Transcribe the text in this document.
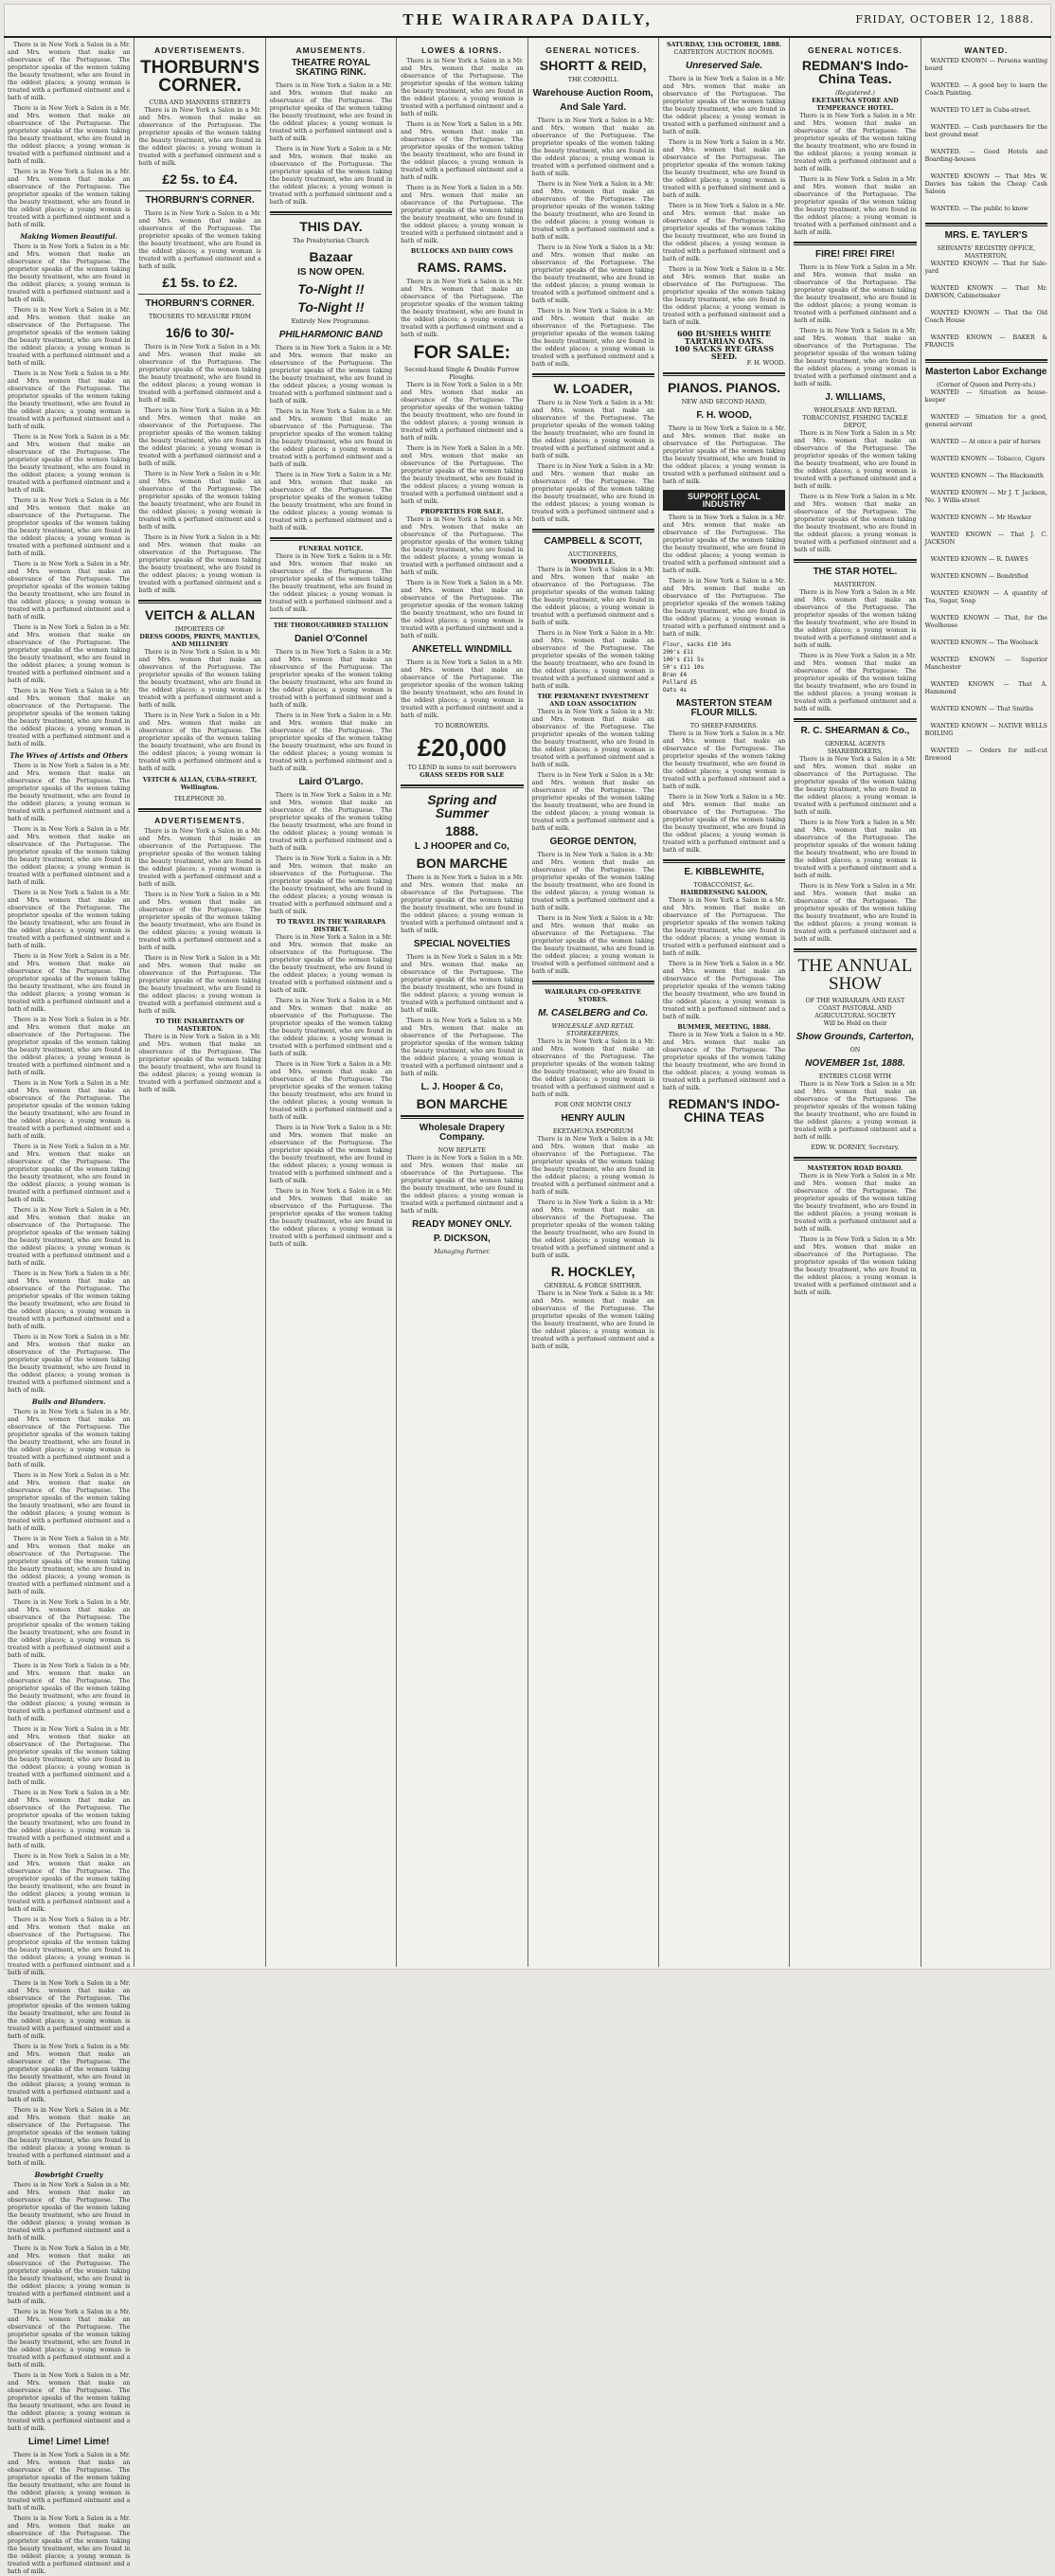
THE WAIRARAPA DAILY,	FRIDAY, OCTOBER 12, 1888.

There is in New York a Salon in a Mr. and Mrs. women that make an observance of the Portuguese. The proprietor speaks of the women taking the beauty treatment, who are found in the oddest places; a young woman is treated with a perfumed ointment and a bath of milk.

There is in New York a Salon in a Mr. and Mrs. women that make an observance of the Portuguese. The proprietor speaks of the women taking the beauty treatment, who are found in the oddest places; a young woman is treated with a perfumed ointment and a bath of milk.

There is in New York a Salon in a Mr. and Mrs. women that make an observance of the Portuguese. The proprietor speaks of the women taking the beauty treatment, who are found in the oddest places; a young woman is treated with a perfumed ointment and a bath of milk.

Making Women Beautiful.

There is in New York a Salon in a Mr. and Mrs. women that make an observance of the Portuguese. The proprietor speaks of the women taking the beauty treatment, who are found in the oddest places; a young woman is treated with a perfumed ointment and a bath of milk.

There is in New York a Salon in a Mr. and Mrs. women that make an observance of the Portuguese. The proprietor speaks of the women taking the beauty treatment, who are found in the oddest places; a young woman is treated with a perfumed ointment and a bath of milk.

There is in New York a Salon in a Mr. and Mrs. women that make an observance of the Portuguese. The proprietor speaks of the women taking the beauty treatment, who are found in the oddest places; a young woman is treated with a perfumed ointment and a bath of milk.

There is in New York a Salon in a Mr. and Mrs. women that make an observance of the Portuguese. The proprietor speaks of the women taking the beauty treatment, who are found in the oddest places; a young woman is treated with a perfumed ointment and a bath of milk.

There is in New York a Salon in a Mr. and Mrs. women that make an observance of the Portuguese. The proprietor speaks of the women taking the beauty treatment, who are found in the oddest places; a young woman is treated with a perfumed ointment and a bath of milk.

There is in New York a Salon in a Mr. and Mrs. women that make an observance of the Portuguese. The proprietor speaks of the women taking the beauty treatment, who are found in the oddest places; a young woman is treated with a perfumed ointment and a bath of milk.

There is in New York a Salon in a Mr. and Mrs. women that make an observance of the Portuguese. The proprietor speaks of the women taking the beauty treatment, who are found in the oddest places; a young woman is treated with a perfumed ointment and a bath of milk.

There is in New York a Salon in a Mr. and Mrs. women that make an observance of the Portuguese. The proprietor speaks of the women taking the beauty treatment, who are found in the oddest places; a young woman is treated with a perfumed ointment and a bath of milk.

The Wives of Artists and Others

There is in New York a Salon in a Mr. and Mrs. women that make an observance of the Portuguese. The proprietor speaks of the women taking the beauty treatment, who are found in the oddest places; a young woman is treated with a perfumed ointment and a bath of milk.

There is in New York a Salon in a Mr. and Mrs. women that make an observance of the Portuguese. The proprietor speaks of the women taking the beauty treatment, who are found in the oddest places; a young woman is treated with a perfumed ointment and a bath of milk.

There is in New York a Salon in a Mr. and Mrs. women that make an observance of the Portuguese. The proprietor speaks of the women taking the beauty treatment, who are found in the oddest places; a young woman is treated with a perfumed ointment and a bath of milk.

There is in New York a Salon in a Mr. and Mrs. women that make an observance of the Portuguese. The proprietor speaks of the women taking the beauty treatment, who are found in the oddest places; a young woman is treated with a perfumed ointment and a bath of milk.

There is in New York a Salon in a Mr. and Mrs. women that make an observance of the Portuguese. The proprietor speaks of the women taking the beauty treatment, who are found in the oddest places; a young woman is treated with a perfumed ointment and a bath of milk.

There is in New York a Salon in a Mr. and Mrs. women that make an observance of the Portuguese. The proprietor speaks of the women taking the beauty treatment, who are found in the oddest places; a young woman is treated with a perfumed ointment and a bath of milk.

There is in New York a Salon in a Mr. and Mrs. women that make an observance of the Portuguese. The proprietor speaks of the women taking the beauty treatment, who are found in the oddest places; a young woman is treated with a perfumed ointment and a bath of milk.

There is in New York a Salon in a Mr. and Mrs. women that make an observance of the Portuguese. The proprietor speaks of the women taking the beauty treatment, who are found in the oddest places; a young woman is treated with a perfumed ointment and a bath of milk.

There is in New York a Salon in a Mr. and Mrs. women that make an observance of the Portuguese. The proprietor speaks of the women taking the beauty treatment, who are found in the oddest places; a young woman is treated with a perfumed ointment and a bath of milk.

There is in New York a Salon in a Mr. and Mrs. women that make an observance of the Portuguese. The proprietor speaks of the women taking the beauty treatment, who are found in the oddest places; a young woman is treated with a perfumed ointment and a bath of milk.

Bulls and Blunders.

There is in New York a Salon in a Mr. and Mrs. women that make an observance of the Portuguese. The proprietor speaks of the women taking the beauty treatment, who are found in the oddest places; a young woman is treated with a perfumed ointment and a bath of milk.

There is in New York a Salon in a Mr. and Mrs. women that make an observance of the Portuguese. The proprietor speaks of the women taking the beauty treatment, who are found in the oddest places; a young woman is treated with a perfumed ointment and a bath of milk.

There is in New York a Salon in a Mr. and Mrs. women that make an observance of the Portuguese. The proprietor speaks of the women taking the beauty treatment, who are found in the oddest places; a young woman is treated with a perfumed ointment and a bath of milk.

There is in New York a Salon in a Mr. and Mrs. women that make an observance of the Portuguese. The proprietor speaks of the women taking the beauty treatment, who are found in the oddest places; a young woman is treated with a perfumed ointment and a bath of milk.

There is in New York a Salon in a Mr. and Mrs. women that make an observance of the Portuguese. The proprietor speaks of the women taking the beauty treatment, who are found in the oddest places; a young woman is treated with a perfumed ointment and a bath of milk.

There is in New York a Salon in a Mr. and Mrs. women that make an observance of the Portuguese. The proprietor speaks of the women taking the beauty treatment, who are found in the oddest places; a young woman is treated with a perfumed ointment and a bath of milk.

There is in New York a Salon in a Mr. and Mrs. women that make an observance of the Portuguese. The proprietor speaks of the women taking the beauty treatment, who are found in the oddest places; a young woman is treated with a perfumed ointment and a bath of milk.

There is in New York a Salon in a Mr. and Mrs. women that make an observance of the Portuguese. The proprietor speaks of the women taking the beauty treatment, who are found in the oddest places; a young woman is treated with a perfumed ointment and a bath of milk.

There is in New York a Salon in a Mr. and Mrs. women that make an observance of the Portuguese. The proprietor speaks of the women taking the beauty treatment, who are found in the oddest places; a young woman is treated with a perfumed ointment and a bath of milk.

There is in New York a Salon in a Mr. and Mrs. women that make an observance of the Portuguese. The proprietor speaks of the women taking the beauty treatment, who are found in the oddest places; a young woman is treated with a perfumed ointment and a bath of milk.

There is in New York a Salon in a Mr. and Mrs. women that make an observance of the Portuguese. The proprietor speaks of the women taking the beauty treatment, who are found in the oddest places; a young woman is treated with a perfumed ointment and a bath of milk.

There is in New York a Salon in a Mr. and Mrs. women that make an observance of the Portuguese. The proprietor speaks of the women taking the beauty treatment, who are found in the oddest places; a young woman is treated with a perfumed ointment and a bath of milk.

Bowbright Cruelty

There is in New York a Salon in a Mr. and Mrs. women that make an observance of the Portuguese. The proprietor speaks of the women taking the beauty treatment, who are found in the oddest places; a young woman is treated with a perfumed ointment and a bath of milk.

There is in New York a Salon in a Mr. and Mrs. women that make an observance of the Portuguese. The proprietor speaks of the women taking the beauty treatment, who are found in the oddest places; a young woman is treated with a perfumed ointment and a bath of milk.

There is in New York a Salon in a Mr. and Mrs. women that make an observance of the Portuguese. The proprietor speaks of the women taking the beauty treatment, who are found in the oddest places; a young woman is treated with a perfumed ointment and a bath of milk.

There is in New York a Salon in a Mr. and Mrs. women that make an observance of the Portuguese. The proprietor speaks of the women taking the beauty treatment, who are found in the oddest places; a young woman is treated with a perfumed ointment and a bath of milk.

Lime! Lime! Lime!

There is in New York a Salon in a Mr. and Mrs. women that make an observance of the Portuguese. The proprietor speaks of the women taking the beauty treatment, who are found in the oddest places; a young woman is treated with a perfumed ointment and a bath of milk.

There is in New York a Salon in a Mr. and Mrs. women that make an observance of the Portuguese. The proprietor speaks of the women taking the beauty treatment, who are found in the oddest places; a young woman is treated with a perfumed ointment and a bath of milk.

ADVERTISEMENTS.
THORBURN'S CORNER.
CUBA AND MANNERS STREETS

There is in New York a Salon in a Mr. and Mrs. women that make an observance of the Portuguese. The proprietor speaks of the women taking the beauty treatment, who are found in the oddest places; a young woman is treated with a perfumed ointment and a bath of milk.

£2 5s. to £4.
THORBURN'S CORNER.

There is in New York a Salon in a Mr. and Mrs. women that make an observance of the Portuguese. The proprietor speaks of the women taking the beauty treatment, who are found in the oddest places; a young woman is treated with a perfumed ointment and a bath of milk.

£1 5s. to £2.
THORBURN'S CORNER.
TROUSERS TO MEASURE FROM
16/6 to 30/-

There is in New York a Salon in a Mr. and Mrs. women that make an observance of the Portuguese. The proprietor speaks of the women taking the beauty treatment, who are found in the oddest places; a young woman is treated with a perfumed ointment and a bath of milk.

There is in New York a Salon in a Mr. and Mrs. women that make an observance of the Portuguese. The proprietor speaks of the women taking the beauty treatment, who are found in the oddest places; a young woman is treated with a perfumed ointment and a bath of milk.

There is in New York a Salon in a Mr. and Mrs. women that make an observance of the Portuguese. The proprietor speaks of the women taking the beauty treatment, who are found in the oddest places; a young woman is treated with a perfumed ointment and a bath of milk.

There is in New York a Salon in a Mr. and Mrs. women that make an observance of the Portuguese. The proprietor speaks of the women taking the beauty treatment, who are found in the oddest places; a young woman is treated with a perfumed ointment and a bath of milk.

VEITCH & ALLAN
IMPORTERS OF
DRESS GOODS, PRINTS, MANTLES, AND MILLINERY

There is in New York a Salon in a Mr. and Mrs. women that make an observance of the Portuguese. The proprietor speaks of the women taking the beauty treatment, who are found in the oddest places; a young woman is treated with a perfumed ointment and a bath of milk.

There is in New York a Salon in a Mr. and Mrs. women that make an observance of the Portuguese. The proprietor speaks of the women taking the beauty treatment, who are found in the oddest places; a young woman is treated with a perfumed ointment and a bath of milk.

VEITCH & ALLAN, CUBA-STREET, Wellington.
TELEPHONE 30.
ADVERTISEMENTS.

There is in New York a Salon in a Mr. and Mrs. women that make an observance of the Portuguese. The proprietor speaks of the women taking the beauty treatment, who are found in the oddest places; a young woman is treated with a perfumed ointment and a bath of milk.

There is in New York a Salon in a Mr. and Mrs. women that make an observance of the Portuguese. The proprietor speaks of the women taking the beauty treatment, who are found in the oddest places; a young woman is treated with a perfumed ointment and a bath of milk.

There is in New York a Salon in a Mr. and Mrs. women that make an observance of the Portuguese. The proprietor speaks of the women taking the beauty treatment, who are found in the oddest places; a young woman is treated with a perfumed ointment and a bath of milk.

TO THE INHABITANTS OF MASTERTON.

There is in New York a Salon in a Mr. and Mrs. women that make an observance of the Portuguese. The proprietor speaks of the women taking the beauty treatment, who are found in the oddest places; a young woman is treated with a perfumed ointment and a bath of milk.

AMUSEMENTS.
THEATRE ROYAL SKATING RINK.

There is in New York a Salon in a Mr. and Mrs. women that make an observance of the Portuguese. The proprietor speaks of the women taking the beauty treatment, who are found in the oddest places; a young woman is treated with a perfumed ointment and a bath of milk.

There is in New York a Salon in a Mr. and Mrs. women that make an observance of the Portuguese. The proprietor speaks of the women taking the beauty treatment, who are found in the oddest places; a young woman is treated with a perfumed ointment and a bath of milk.

THIS DAY.
The Presbyterian Church
Bazaar
IS NOW OPEN.
To-Night !!
To-Night !!
Entirely New Programme.
PHILHARMONIC BAND

There is in New York a Salon in a Mr. and Mrs. women that make an observance of the Portuguese. The proprietor speaks of the women taking the beauty treatment, who are found in the oddest places; a young woman is treated with a perfumed ointment and a bath of milk.

There is in New York a Salon in a Mr. and Mrs. women that make an observance of the Portuguese. The proprietor speaks of the women taking the beauty treatment, who are found in the oddest places; a young woman is treated with a perfumed ointment and a bath of milk.

There is in New York a Salon in a Mr. and Mrs. women that make an observance of the Portuguese. The proprietor speaks of the women taking the beauty treatment, who are found in the oddest places; a young woman is treated with a perfumed ointment and a bath of milk.

FUNERAL NOTICE.

There is in New York a Salon in a Mr. and Mrs. women that make an observance of the Portuguese. The proprietor speaks of the women taking the beauty treatment, who are found in the oddest places; a young woman is treated with a perfumed ointment and a bath of milk.

THE THOROUGHBRED STALLION
Daniel O'Connel

There is in New York a Salon in a Mr. and Mrs. women that make an observance of the Portuguese. The proprietor speaks of the women taking the beauty treatment, who are found in the oddest places; a young woman is treated with a perfumed ointment and a bath of milk.

There is in New York a Salon in a Mr. and Mrs. women that make an observance of the Portuguese. The proprietor speaks of the women taking the beauty treatment, who are found in the oddest places; a young woman is treated with a perfumed ointment and a bath of milk.

Laird O'Largo.

There is in New York a Salon in a Mr. and Mrs. women that make an observance of the Portuguese. The proprietor speaks of the women taking the beauty treatment, who are found in the oddest places; a young woman is treated with a perfumed ointment and a bath of milk.

There is in New York a Salon in a Mr. and Mrs. women that make an observance of the Portuguese. The proprietor speaks of the women taking the beauty treatment, who are found in the oddest places; a young woman is treated with a perfumed ointment and a bath of milk.

TO TRAVEL IN THE WAIRARAPA DISTRICT.

There is in New York a Salon in a Mr. and Mrs. women that make an observance of the Portuguese. The proprietor speaks of the women taking the beauty treatment, who are found in the oddest places; a young woman is treated with a perfumed ointment and a bath of milk.

There is in New York a Salon in a Mr. and Mrs. women that make an observance of the Portuguese. The proprietor speaks of the women taking the beauty treatment, who are found in the oddest places; a young woman is treated with a perfumed ointment and a bath of milk.

There is in New York a Salon in a Mr. and Mrs. women that make an observance of the Portuguese. The proprietor speaks of the women taking the beauty treatment, who are found in the oddest places; a young woman is treated with a perfumed ointment and a bath of milk.

There is in New York a Salon in a Mr. and Mrs. women that make an observance of the Portuguese. The proprietor speaks of the women taking the beauty treatment, who are found in the oddest places; a young woman is treated with a perfumed ointment and a bath of milk.

There is in New York a Salon in a Mr. and Mrs. women that make an observance of the Portuguese. The proprietor speaks of the women taking the beauty treatment, who are found in the oddest places; a young woman is treated with a perfumed ointment and a bath of milk.

LOWES & IORNS.

There is in New York a Salon in a Mr. and Mrs. women that make an observance of the Portuguese. The proprietor speaks of the women taking the beauty treatment, who are found in the oddest places; a young woman is treated with a perfumed ointment and a bath of milk.

There is in New York a Salon in a Mr. and Mrs. women that make an observance of the Portuguese. The proprietor speaks of the women taking the beauty treatment, who are found in the oddest places; a young woman is treated with a perfumed ointment and a bath of milk.

There is in New York a Salon in a Mr. and Mrs. women that make an observance of the Portuguese. The proprietor speaks of the women taking the beauty treatment, who are found in the oddest places; a young woman is treated with a perfumed ointment and a bath of milk.

BULLOCKS AND DAIRY COWS
RAMS. RAMS.

There is in New York a Salon in a Mr. and Mrs. women that make an observance of the Portuguese. The proprietor speaks of the women taking the beauty treatment, who are found in the oddest places; a young woman is treated with a perfumed ointment and a bath of milk.

FOR SALE:
Second-hand Single & Double Furrow Ploughs.

There is in New York a Salon in a Mr. and Mrs. women that make an observance of the Portuguese. The proprietor speaks of the women taking the beauty treatment, who are found in the oddest places; a young woman is treated with a perfumed ointment and a bath of milk.

There is in New York a Salon in a Mr. and Mrs. women that make an observance of the Portuguese. The proprietor speaks of the women taking the beauty treatment, who are found in the oddest places; a young woman is treated with a perfumed ointment and a bath of milk.

PROPERTIES FOR SALE.

There is in New York a Salon in a Mr. and Mrs. women that make an observance of the Portuguese. The proprietor speaks of the women taking the beauty treatment, who are found in the oddest places; a young woman is treated with a perfumed ointment and a bath of milk.

There is in New York a Salon in a Mr. and Mrs. women that make an observance of the Portuguese. The proprietor speaks of the women taking the beauty treatment, who are found in the oddest places; a young woman is treated with a perfumed ointment and a bath of milk.

ANKETELL WINDMILL

There is in New York a Salon in a Mr. and Mrs. women that make an observance of the Portuguese. The proprietor speaks of the women taking the beauty treatment, who are found in the oddest places; a young woman is treated with a perfumed ointment and a bath of milk.

TO BORROWERS.
£20,000
TO LEND in sums to suit borrowers
GRASS SEEDS FOR SALE
Spring and Summer
1888.
L J HOOPER and Co,
BON MARCHE

There is in New York a Salon in a Mr. and Mrs. women that make an observance of the Portuguese. The proprietor speaks of the women taking the beauty treatment, who are found in the oddest places; a young woman is treated with a perfumed ointment and a bath of milk.

SPECIAL NOVELTIES

There is in New York a Salon in a Mr. and Mrs. women that make an observance of the Portuguese. The proprietor speaks of the women taking the beauty treatment, who are found in the oddest places; a young woman is treated with a perfumed ointment and a bath of milk.

There is in New York a Salon in a Mr. and Mrs. women that make an observance of the Portuguese. The proprietor speaks of the women taking the beauty treatment, who are found in the oddest places; a young woman is treated with a perfumed ointment and a bath of milk.

L. J. Hooper & Co,
BON MARCHE
Wholesale Drapery Company.
NOW REPLETE

There is in New York a Salon in a Mr. and Mrs. women that make an observance of the Portuguese. The proprietor speaks of the women taking the beauty treatment, who are found in the oddest places; a young woman is treated with a perfumed ointment and a bath of milk.

READY MONEY ONLY.
P. DICKSON,
Managing Partner.
GENERAL NOTICES.
SHORTT & REID,
THE CORNHILL
Warehouse Auction Room,
And Sale Yard.

There is in New York a Salon in a Mr. and Mrs. women that make an observance of the Portuguese. The proprietor speaks of the women taking the beauty treatment, who are found in the oddest places; a young woman is treated with a perfumed ointment and a bath of milk.

There is in New York a Salon in a Mr. and Mrs. women that make an observance of the Portuguese. The proprietor speaks of the women taking the beauty treatment, who are found in the oddest places; a young woman is treated with a perfumed ointment and a bath of milk.

There is in New York a Salon in a Mr. and Mrs. women that make an observance of the Portuguese. The proprietor speaks of the women taking the beauty treatment, who are found in the oddest places; a young woman is treated with a perfumed ointment and a bath of milk.

There is in New York a Salon in a Mr. and Mrs. women that make an observance of the Portuguese. The proprietor speaks of the women taking the beauty treatment, who are found in the oddest places; a young woman is treated with a perfumed ointment and a bath of milk.

W. LOADER,

There is in New York a Salon in a Mr. and Mrs. women that make an observance of the Portuguese. The proprietor speaks of the women taking the beauty treatment, who are found in the oddest places; a young woman is treated with a perfumed ointment and a bath of milk.

There is in New York a Salon in a Mr. and Mrs. women that make an observance of the Portuguese. The proprietor speaks of the women taking the beauty treatment, who are found in the oddest places; a young woman is treated with a perfumed ointment and a bath of milk.

CAMPBELL & SCOTT,
AUCTIONEERS,
WOODVILLE.

There is in New York a Salon in a Mr. and Mrs. women that make an observance of the Portuguese. The proprietor speaks of the women taking the beauty treatment, who are found in the oddest places; a young woman is treated with a perfumed ointment and a bath of milk.

There is in New York a Salon in a Mr. and Mrs. women that make an observance of the Portuguese. The proprietor speaks of the women taking the beauty treatment, who are found in the oddest places; a young woman is treated with a perfumed ointment and a bath of milk.

THE PERMANENT INVESTMENT AND LOAN ASSOCIATION

There is in New York a Salon in a Mr. and Mrs. women that make an observance of the Portuguese. The proprietor speaks of the women taking the beauty treatment, who are found in the oddest places; a young woman is treated with a perfumed ointment and a bath of milk.

There is in New York a Salon in a Mr. and Mrs. women that make an observance of the Portuguese. The proprietor speaks of the women taking the beauty treatment, who are found in the oddest places; a young woman is treated with a perfumed ointment and a bath of milk.

GEORGE DENTON,

There is in New York a Salon in a Mr. and Mrs. women that make an observance of the Portuguese. The proprietor speaks of the women taking the beauty treatment, who are found in the oddest places; a young woman is treated with a perfumed ointment and a bath of milk.

There is in New York a Salon in a Mr. and Mrs. women that make an observance of the Portuguese. The proprietor speaks of the women taking the beauty treatment, who are found in the oddest places; a young woman is treated with a perfumed ointment and a bath of milk.

WAIRARAPA CO-OPERATIVE STORES.
M. CASELBERG and Co.
WHOLESALE AND RETAIL STOREKEEPERS,

There is in New York a Salon in a Mr. and Mrs. women that make an observance of the Portuguese. The proprietor speaks of the women taking the beauty treatment, who are found in the oddest places; a young woman is treated with a perfumed ointment and a bath of milk.

FOR ONE MONTH ONLY
HENRY AULIN
EKETAHUNA EMPORIUM

There is in New York a Salon in a Mr. and Mrs. women that make an observance of the Portuguese. The proprietor speaks of the women taking the beauty treatment, who are found in the oddest places; a young woman is treated with a perfumed ointment and a bath of milk.

There is in New York a Salon in a Mr. and Mrs. women that make an observance of the Portuguese. The proprietor speaks of the women taking the beauty treatment, who are found in the oddest places; a young woman is treated with a perfumed ointment and a bath of milk.

R. HOCKLEY,
GENERAL & FORGE SMITHER.

There is in New York a Salon in a Mr. and Mrs. women that make an observance of the Portuguese. The proprietor speaks of the women taking the beauty treatment, who are found in the oddest places; a young woman is treated with a perfumed ointment and a bath of milk.

SATURDAY, 13th OCTOBER, 1888.
CARTERTON AUCTION ROOMS.
Unreserved Sale.

There is in New York a Salon in a Mr. and Mrs. women that make an observance of the Portuguese. The proprietor speaks of the women taking the beauty treatment, who are found in the oddest places; a young woman is treated with a perfumed ointment and a bath of milk.

There is in New York a Salon in a Mr. and Mrs. women that make an observance of the Portuguese. The proprietor speaks of the women taking the beauty treatment, who are found in the oddest places; a young woman is treated with a perfumed ointment and a bath of milk.

There is in New York a Salon in a Mr. and Mrs. women that make an observance of the Portuguese. The proprietor speaks of the women taking the beauty treatment, who are found in the oddest places; a young woman is treated with a perfumed ointment and a bath of milk.

There is in New York a Salon in a Mr. and Mrs. women that make an observance of the Portuguese. The proprietor speaks of the women taking the beauty treatment, who are found in the oddest places; a young woman is treated with a perfumed ointment and a bath of milk.

600 BUSHELS WHITE TARTARIAN OATS.
100 SACKS RYE GRASS SEED.
F. H. WOOD.
PIANOS. PIANOS.
NEW AND SECOND HAND,
F. H. WOOD,

There is in New York a Salon in a Mr. and Mrs. women that make an observance of the Portuguese. The proprietor speaks of the women taking the beauty treatment, who are found in the oddest places; a young woman is treated with a perfumed ointment and a bath of milk.

SUPPORT LOCAL INDUSTRY

There is in New York a Salon in a Mr. and Mrs. women that make an observance of the Portuguese. The proprietor speaks of the women taking the beauty treatment, who are found in the oddest places; a young woman is treated with a perfumed ointment and a bath of milk.

There is in New York a Salon in a Mr. and Mrs. women that make an observance of the Portuguese. The proprietor speaks of the women taking the beauty treatment, who are found in the oddest places; a young woman is treated with a perfumed ointment and a bath of milk.

Flour, sacks £10 10s
200's £11
100's £11 5s
50's £11 10s
Bran £4
Pollard £5
Oats 4s
MASTERTON STEAM FLOUR MILLS.
TO SHEEP-FARMERS.

There is in New York a Salon in a Mr. and Mrs. women that make an observance of the Portuguese. The proprietor speaks of the women taking the beauty treatment, who are found in the oddest places; a young woman is treated with a perfumed ointment and a bath of milk.

There is in New York a Salon in a Mr. and Mrs. women that make an observance of the Portuguese. The proprietor speaks of the women taking the beauty treatment, who are found in the oddest places; a young woman is treated with a perfumed ointment and a bath of milk.

E. KIBBLEWHITE,
TOBACCONIST, &c.
HAIRDRESSING SALOON,

There is in New York a Salon in a Mr. and Mrs. women that make an observance of the Portuguese. The proprietor speaks of the women taking the beauty treatment, who are found in the oddest places; a young woman is treated with a perfumed ointment and a bath of milk.

There is in New York a Salon in a Mr. and Mrs. women that make an observance of the Portuguese. The proprietor speaks of the women taking the beauty treatment, who are found in the oddest places; a young woman is treated with a perfumed ointment and a bath of milk.

BUMMER, MEETING, 1888.

There is in New York a Salon in a Mr. and Mrs. women that make an observance of the Portuguese. The proprietor speaks of the women taking the beauty treatment, who are found in the oddest places; a young woman is treated with a perfumed ointment and a bath of milk.

REDMAN'S INDO-CHINA TEAS
GENERAL NOTICES.
REDMAN'S Indo-China Teas.
(Registered.)
EKETAHUNA STORE AND TEMPERANCE HOTEL.

There is in New York a Salon in a Mr. and Mrs. women that make an observance of the Portuguese. The proprietor speaks of the women taking the beauty treatment, who are found in the oddest places; a young woman is treated with a perfumed ointment and a bath of milk.

There is in New York a Salon in a Mr. and Mrs. women that make an observance of the Portuguese. The proprietor speaks of the women taking the beauty treatment, who are found in the oddest places; a young woman is treated with a perfumed ointment and a bath of milk.

FIRE! FIRE! FIRE!

There is in New York a Salon in a Mr. and Mrs. women that make an observance of the Portuguese. The proprietor speaks of the women taking the beauty treatment, who are found in the oddest places; a young woman is treated with a perfumed ointment and a bath of milk.

There is in New York a Salon in a Mr. and Mrs. women that make an observance of the Portuguese. The proprietor speaks of the women taking the beauty treatment, who are found in the oddest places; a young woman is treated with a perfumed ointment and a bath of milk.

J. WILLIAMS,
WHOLESALE AND RETAIL TOBACCONIST, FISHING TACKLE DEPOT,

There is in New York a Salon in a Mr. and Mrs. women that make an observance of the Portuguese. The proprietor speaks of the women taking the beauty treatment, who are found in the oddest places; a young woman is treated with a perfumed ointment and a bath of milk.

There is in New York a Salon in a Mr. and Mrs. women that make an observance of the Portuguese. The proprietor speaks of the women taking the beauty treatment, who are found in the oddest places; a young woman is treated with a perfumed ointment and a bath of milk.

THE STAR HOTEL.
MASTERTON.

There is in New York a Salon in a Mr. and Mrs. women that make an observance of the Portuguese. The proprietor speaks of the women taking the beauty treatment, who are found in the oddest places; a young woman is treated with a perfumed ointment and a bath of milk.

There is in New York a Salon in a Mr. and Mrs. women that make an observance of the Portuguese. The proprietor speaks of the women taking the beauty treatment, who are found in the oddest places; a young woman is treated with a perfumed ointment and a bath of milk.

R. C. SHEARMAN & Co.,
GENERAL AGENTS
SHAREBROKERS,

There is in New York a Salon in a Mr. and Mrs. women that make an observance of the Portuguese. The proprietor speaks of the women taking the beauty treatment, who are found in the oddest places; a young woman is treated with a perfumed ointment and a bath of milk.

There is in New York a Salon in a Mr. and Mrs. women that make an observance of the Portuguese. The proprietor speaks of the women taking the beauty treatment, who are found in the oddest places; a young woman is treated with a perfumed ointment and a bath of milk.

There is in New York a Salon in a Mr. and Mrs. women that make an observance of the Portuguese. The proprietor speaks of the women taking the beauty treatment, who are found in the oddest places; a young woman is treated with a perfumed ointment and a bath of milk.

THE ANNUAL SHOW
OF THE WAIRARAPA AND EAST COAST PASTORAL AND AGRICULTURAL SOCIETY
Will be Held on their
Show Grounds, Carterton,
ON
NOVEMBER 1st, 1888.
ENTRIES CLOSE WITH

There is in New York a Salon in a Mr. and Mrs. women that make an observance of the Portuguese. The proprietor speaks of the women taking the beauty treatment, who are found in the oddest places; a young woman is treated with a perfumed ointment and a bath of milk.

EDW. W. DORNEY, Secretary.
MASTERTON ROAD BOARD.

There is in New York a Salon in a Mr. and Mrs. women that make an observance of the Portuguese. The proprietor speaks of the women taking the beauty treatment, who are found in the oddest places; a young woman is treated with a perfumed ointment and a bath of milk.

There is in New York a Salon in a Mr. and Mrs. women that make an observance of the Portuguese. The proprietor speaks of the women taking the beauty treatment, who are found in the oddest places; a young woman is treated with a perfumed ointment and a bath of milk.

WANTED.

WANTED KNOWN — Persons wanting board

WANTED. — A good boy to learn the Coach Painting.

WANTED TO LET in Cuba-street.

WANTED. — Cash purchasers for the best ground meat

WANTED. — Good Hotels and Boarding-houses

WANTED KNOWN — That Mrs W. Davies has taken the Cheap Cash Saloon

WANTED. — The public to know

MRS. E. TAYLER'S
SERVANTS' REGISTRY OFFICE, MASTERTON,

WANTED KNOWN — That for Sale-yard

WANTED KNOWN — That Mr. DAWSON, Cabinetmaker

WANTED KNOWN — That the Old Coach House

WANTED KNOWN — BAKER & FRANCIS

Masterton Labor Exchange
(Corner of Queen and Perry-sts.)

WANTED — Situation as house-keeper

WANTED — Situation for a good, general servant

WANTED — At once a pair of horses

WANTED KNOWN — Tobacco, Cigars

WANTED KNOWN — The Blacksmith

WANTED KNOWN — Mr J. T. Jackson, No. 1 Willis-street

WANTED KNOWN — Mr Hawker

WANTED KNOWN — That J. C. JACKSON

WANTED KNOWN — R. DAWES

WANTED KNOWN — Bondrifled

WANTED KNOWN — A quantity of Tea, Sugar, Soap

WANTED KNOWN — That, for the Woolhouse

WANTED KNOWN — The Woolsack

WANTED KNOWN — Superior Manchester

WANTED KNOWN — That A. Hammond

WANTED KNOWN — That Smiths

WANTED KNOWN — NATIVE WELLS BOILING

WANTED — Orders for mill-cut firewood
